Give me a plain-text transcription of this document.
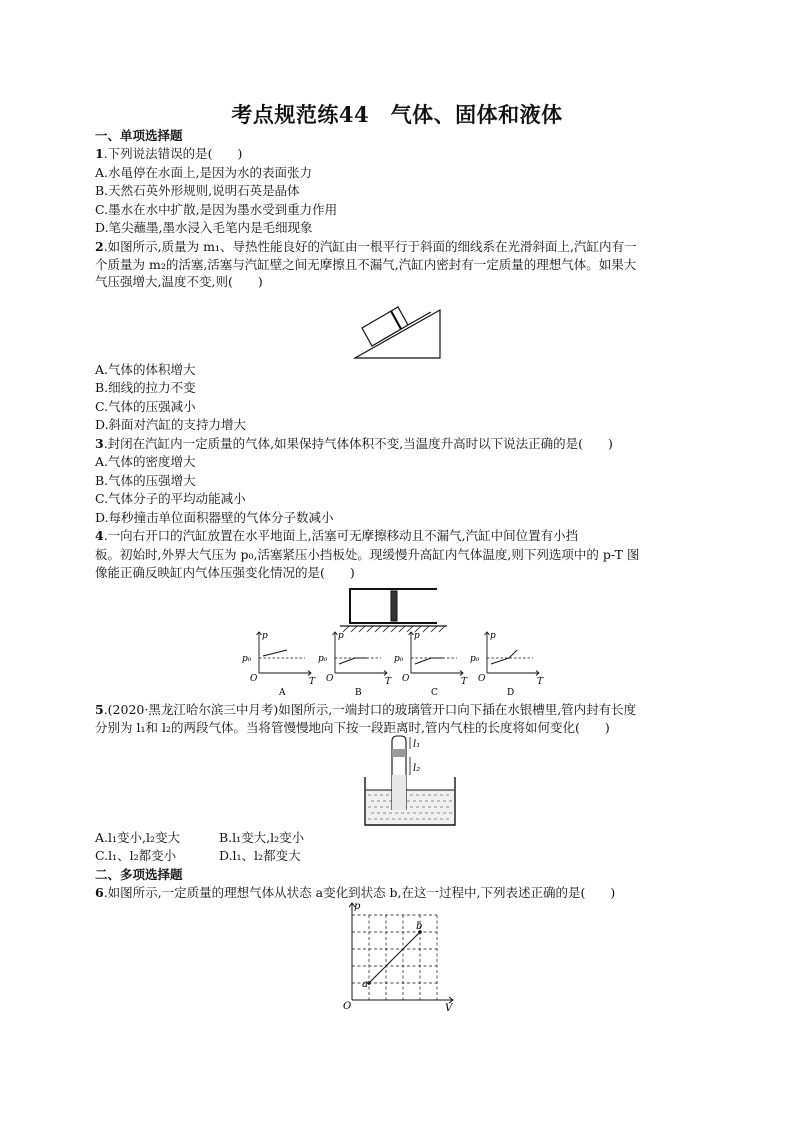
考点规范练44　气体、固体和液体
一、单项选择题
1.下列说法错误的是(　　)
A.水黾停在水面上,是因为水的表面张力
B.天然石英外形规则,说明石英是晶体
C.墨水在水中扩散,是因为墨水受到重力作用
D.笔尖蘸墨,墨水浸入毛笔内是毛细现象
2.如图所示,质量为 m₁、导热性能良好的汽缸由一根平行于斜面的细线系在光滑斜面上,汽缸内有一
个质量为 m₂的活塞,活塞与汽缸壁之间无摩擦且不漏气,汽缸内密封有一定质量的理想气体。如果大
气压强增大,温度不变,则(　　)
A.气体的体积增大
B.细线的拉力不变
C.气体的压强减小
D.斜面对汽缸的支持力增大
3.封闭在汽缸内一定质量的气体,如果保持气体体积不变,当温度升高时以下说法正确的是(　　)
A.气体的密度增大
B.气体的压强增大
C.气体分子的平均动能减小
D.每秒撞击单位面积器壁的气体分子数减小
4.一向右开口的汽缸放置在水平地面上,活塞可无摩擦移动且不漏气,汽缸中间位置有小挡
板。初始时,外界大气压为 p₀,活塞紧压小挡板处。现缓慢升高缸内气体温度,则下列选项中的 p-T 图
像能正确反映缸内气体压强变化情况的是(　　)
p₀
p
T
O
A
p₀
p
T
O
B
p₀
p
T
O
C
p₀
p
T
O
D
5.(2020·黑龙江哈尔滨三中月考)如图所示,一端封口的玻璃管开口向下插在水银槽里,管内封有长度
分别为 l₁和 l₂的两段气体。当将管慢慢地向下按一段距离时,管内气柱的长度将如何变化(　　)
l₁
l₂
A.l₁变小,l₂变大	B.l₁变大,l₂变小
C.l₁、l₂都变小	D.l₁、l₂都变大
二、多项选择题
6.如图所示,一定质量的理想气体从状态 a变化到状态 b,在这一过程中,下列表述正确的是(　　)
a
b
p
V
O
